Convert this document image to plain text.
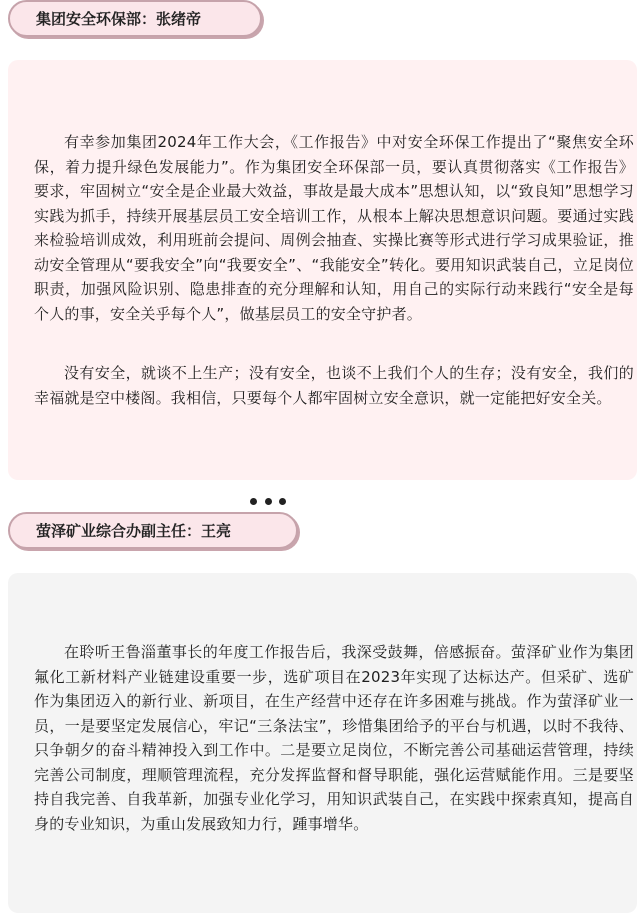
集团安全环保部：张绪帝

有幸参加集团2024年工作大会，《工作报告》中对安全环保工作提出了“聚焦安全环保，着力提升绿色发展能力”。作为集团安全环保部一员，要认真贯彻落实《工作报告》要求，牢固树立“安全是企业最大效益，事故是最大成本”思想认知，以“致良知”思想学习实践为抓手，持续开展基层员工安全培训工作，从根本上解决思想意识问题。要通过实践来检验培训成效，利用班前会提问、周例会抽查、实操比赛等形式进行学习成果验证，推动安全管理从“要我安全”向“我要安全”、“我能安全”转化。要用知识武装自己，立足岗位职责，加强风险识别、隐患排查的充分理解和认知，用自己的实际行动来践行“安全是每个人的事，安全关乎每个人”，做基层员工的安全守护者。

没有安全，就谈不上生产；没有安全，也谈不上我们个人的生存；没有安全，我们的幸福就是空中楼阁。我相信，只要每个人都牢固树立安全意识，就一定能把好安全关。

萤泽矿业综合办副主任：王亮

在聆听王鲁淄董事长的年度工作报告后，我深受鼓舞，倍感振奋。萤泽矿业作为集团氟化工新材料产业链建设重要一步，选矿项目在2023年实现了达标达产。但采矿、选矿作为集团迈入的新行业、新项目，在生产经营中还存在许多困难与挑战。作为萤泽矿业一员，一是要坚定发展信心，牢记“三条法宝”，珍惜集团给予的平台与机遇，以时不我待、只争朝夕的奋斗精神投入到工作中。二是要立足岗位，不断完善公司基础运营管理，持续完善公司制度，理顺管理流程，充分发挥监督和督导职能，强化运营赋能作用。三是要坚持自我完善、自我革新，加强专业化学习，用知识武装自己，在实践中探索真知，提高自身的专业知识，为重山发展致知力行，踵事增华。
